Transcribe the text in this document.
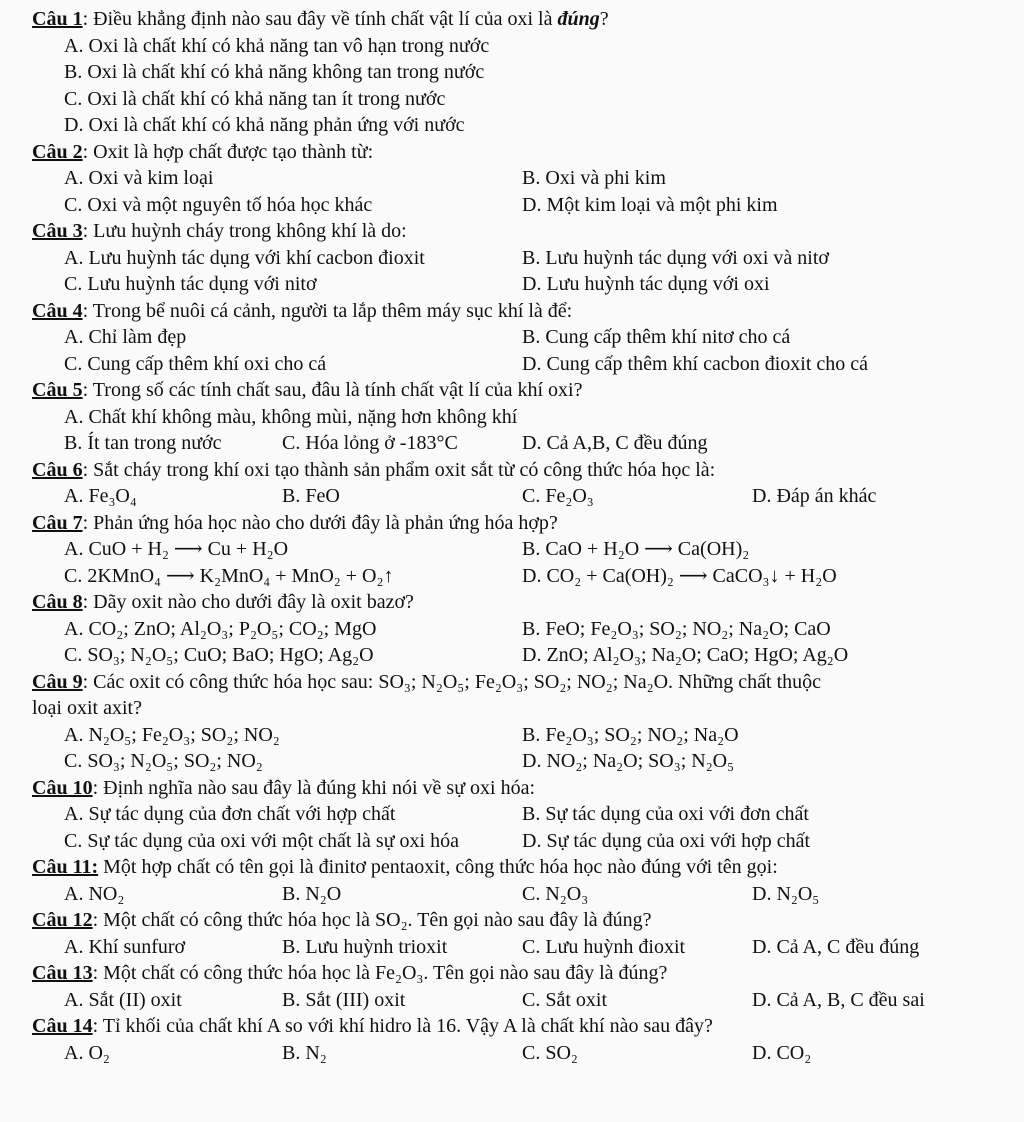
Câu 1: Điều khẳng định nào sau đây về tính chất vật lí của oxi là đúng?
A. Oxi là chất khí có khả năng tan vô hạn trong nước
B. Oxi là chất khí có khả năng không tan trong nước
C. Oxi là chất khí có khả năng tan ít trong nước
D. Oxi là chất khí có khả năng phản ứng với nước
Câu 2: Oxit là hợp chất được tạo thành từ:
A. Oxi và kim loại	B. Oxi và phi kim
C. Oxi và một nguyên tố hóa học khác	D. Một kim loại và một phi kim
Câu 3: Lưu huỳnh cháy trong không khí là do:
A. Lưu huỳnh tác dụng với khí cacbon đioxit	B. Lưu huỳnh tác dụng với oxi và nitơ
C. Lưu huỳnh tác dụng với nitơ	D. Lưu huỳnh tác dụng với oxi
Câu 4: Trong bể nuôi cá cảnh, người ta lắp thêm máy sục khí là để:
A. Chỉ làm đẹp	B. Cung cấp thêm khí nitơ cho cá
C. Cung cấp thêm khí oxi cho cá	D. Cung cấp thêm khí cacbon đioxit cho cá
Câu 5: Trong số các tính chất sau, đâu là tính chất vật lí của khí oxi?
A. Chất khí không màu, không mùi, nặng hơn không khí
B. Ít tan trong nước	C. Hóa lỏng ở -183°C	D. Cả A,B, C đều đúng
Câu 6: Sắt cháy trong khí oxi tạo thành sản phẩm oxit sắt từ có công thức hóa học là:
A. Fe₃O₄	B. FeO	C. Fe₂O₃	D. Đáp án khác
Câu 7: Phản ứng hóa học nào cho dưới đây là phản ứng hóa hợp?
A. CuO + H₂ ⟶ Cu + H₂O	B. CaO + H₂O ⟶ Ca(OH)₂
C. 2KMnO₄ ⟶ K₂MnO₄ + MnO₂ + O₂↑	D. CO₂ + Ca(OH)₂ ⟶ CaCO₃↓ + H₂O
Câu 8: Dãy oxit nào cho dưới đây là oxit bazơ?
A. CO₂; ZnO; Al₂O₃; P₂O₅; CO₂; MgO	B. FeO; Fe₂O₃; SO₂; NO₂; Na₂O; CaO
C. SO₃; N₂O₅; CuO; BaO; HgO; Ag₂O	D. ZnO; Al₂O₃; Na₂O; CaO; HgO; Ag₂O
Câu 9: Các oxit có công thức hóa học sau: SO₃; N₂O₅; Fe₂O₃; SO₂; NO₂; Na₂O. Những chất thuộc
loại oxit axit?
A. N₂O₅; Fe₂O₃; SO₂; NO₂	B. Fe₂O₃; SO₂; NO₂; Na₂O
C. SO₃; N₂O₅; SO₂; NO₂	D. NO₂; Na₂O; SO₃; N₂O₅
Câu 10: Định nghĩa nào sau đây là đúng khi nói về sự oxi hóa:
A. Sự tác dụng của đơn chất với hợp chất	B. Sự tác dụng của oxi với đơn chất
C. Sự tác dụng của oxi với một chất là sự oxi hóa	D. Sự tác dụng của oxi với hợp chất
Câu 11: Một hợp chất có tên gọi là đinitơ pentaoxit, công thức hóa học nào đúng với tên gọi:
A. NO₂	B. N₂O	C. N₂O₃	D. N₂O₅
Câu 12: Một chất có công thức hóa học là SO₂. Tên gọi nào sau đây là đúng?
A. Khí sunfurơ	B. Lưu huỳnh trioxit	C. Lưu huỳnh đioxit	D. Cả A, C đều đúng
Câu 13: Một chất có công thức hóa học là Fe₂O₃. Tên gọi nào sau đây là đúng?
A. Sắt (II) oxit	B. Sắt (III) oxit	C. Sắt oxit	D. Cả A, B, C đều sai
Câu 14: Tỉ khối của chất khí A so với khí hidro là 16. Vậy A là chất khí nào sau đây?
A. O₂	B. N₂	C. SO₂	D. CO₂
